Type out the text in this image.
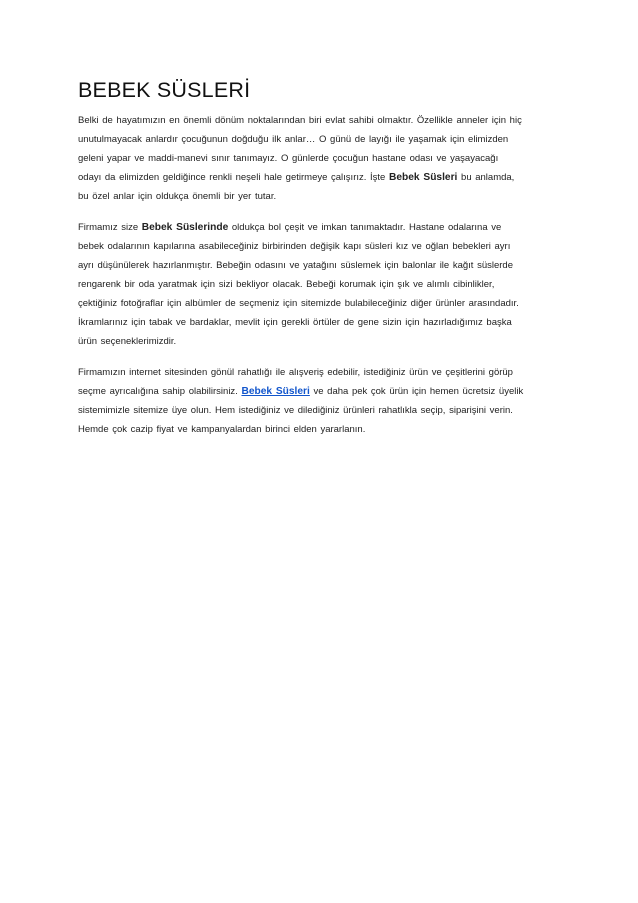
BEBEK SÜSLERİ

Belki de hayatımızın en önemli dönüm noktalarından biri evlat sahibi olmaktır. Özellikle anneler için hiç
unutulmayacak anlardır çocuğunun doğduğu ilk anlar… O günü de layığı ile yaşamak için elimizden
geleni yapar ve maddi-manevi sınır tanımayız. O günlerde çocuğun hastane odası ve yaşayacağı
odayı da elimizden geldiğince renkli neşeli hale getirmeye çalışırız. İşte Bebek Süsleri bu anlamda,
bu özel anlar için oldukça önemli bir yer tutar.

Firmamız size Bebek Süslerinde oldukça bol çeşit ve imkan tanımaktadır. Hastane odalarına ve
bebek odalarının kapılarına asabileceğiniz birbirinden değişik kapı süsleri kız ve oğlan bebekleri ayrı
ayrı düşünülerek hazırlanmıştır. Bebeğin odasını ve yatağını süslemek için balonlar ile kağıt süslerde
rengarenk bir oda yaratmak için sizi bekliyor olacak. Bebeği korumak için şık ve alımlı cibinlikler,
çektiğiniz fotoğraflar için albümler de seçmeniz için sitemizde bulabileceğiniz diğer ürünler arasındadır.
İkramlarınız için tabak ve bardaklar, mevlit için gerekli örtüler de gene sizin için hazırladığımız başka
ürün seçeneklerimizdir.

Firmamızın internet sitesinden gönül rahatlığı ile alışveriş edebilir, istediğiniz ürün ve çeşitlerini görüp
seçme ayrıcalığına sahip olabilirsiniz. Bebek Süsleri ve daha pek çok ürün için hemen ücretsiz üyelik
sistemimizle sitemize üye olun. Hem istediğiniz ve dilediğiniz ürünleri rahatlıkla seçip, siparişini verin.
Hemde çok cazip fiyat ve kampanyalardan birinci elden yararlanın.
